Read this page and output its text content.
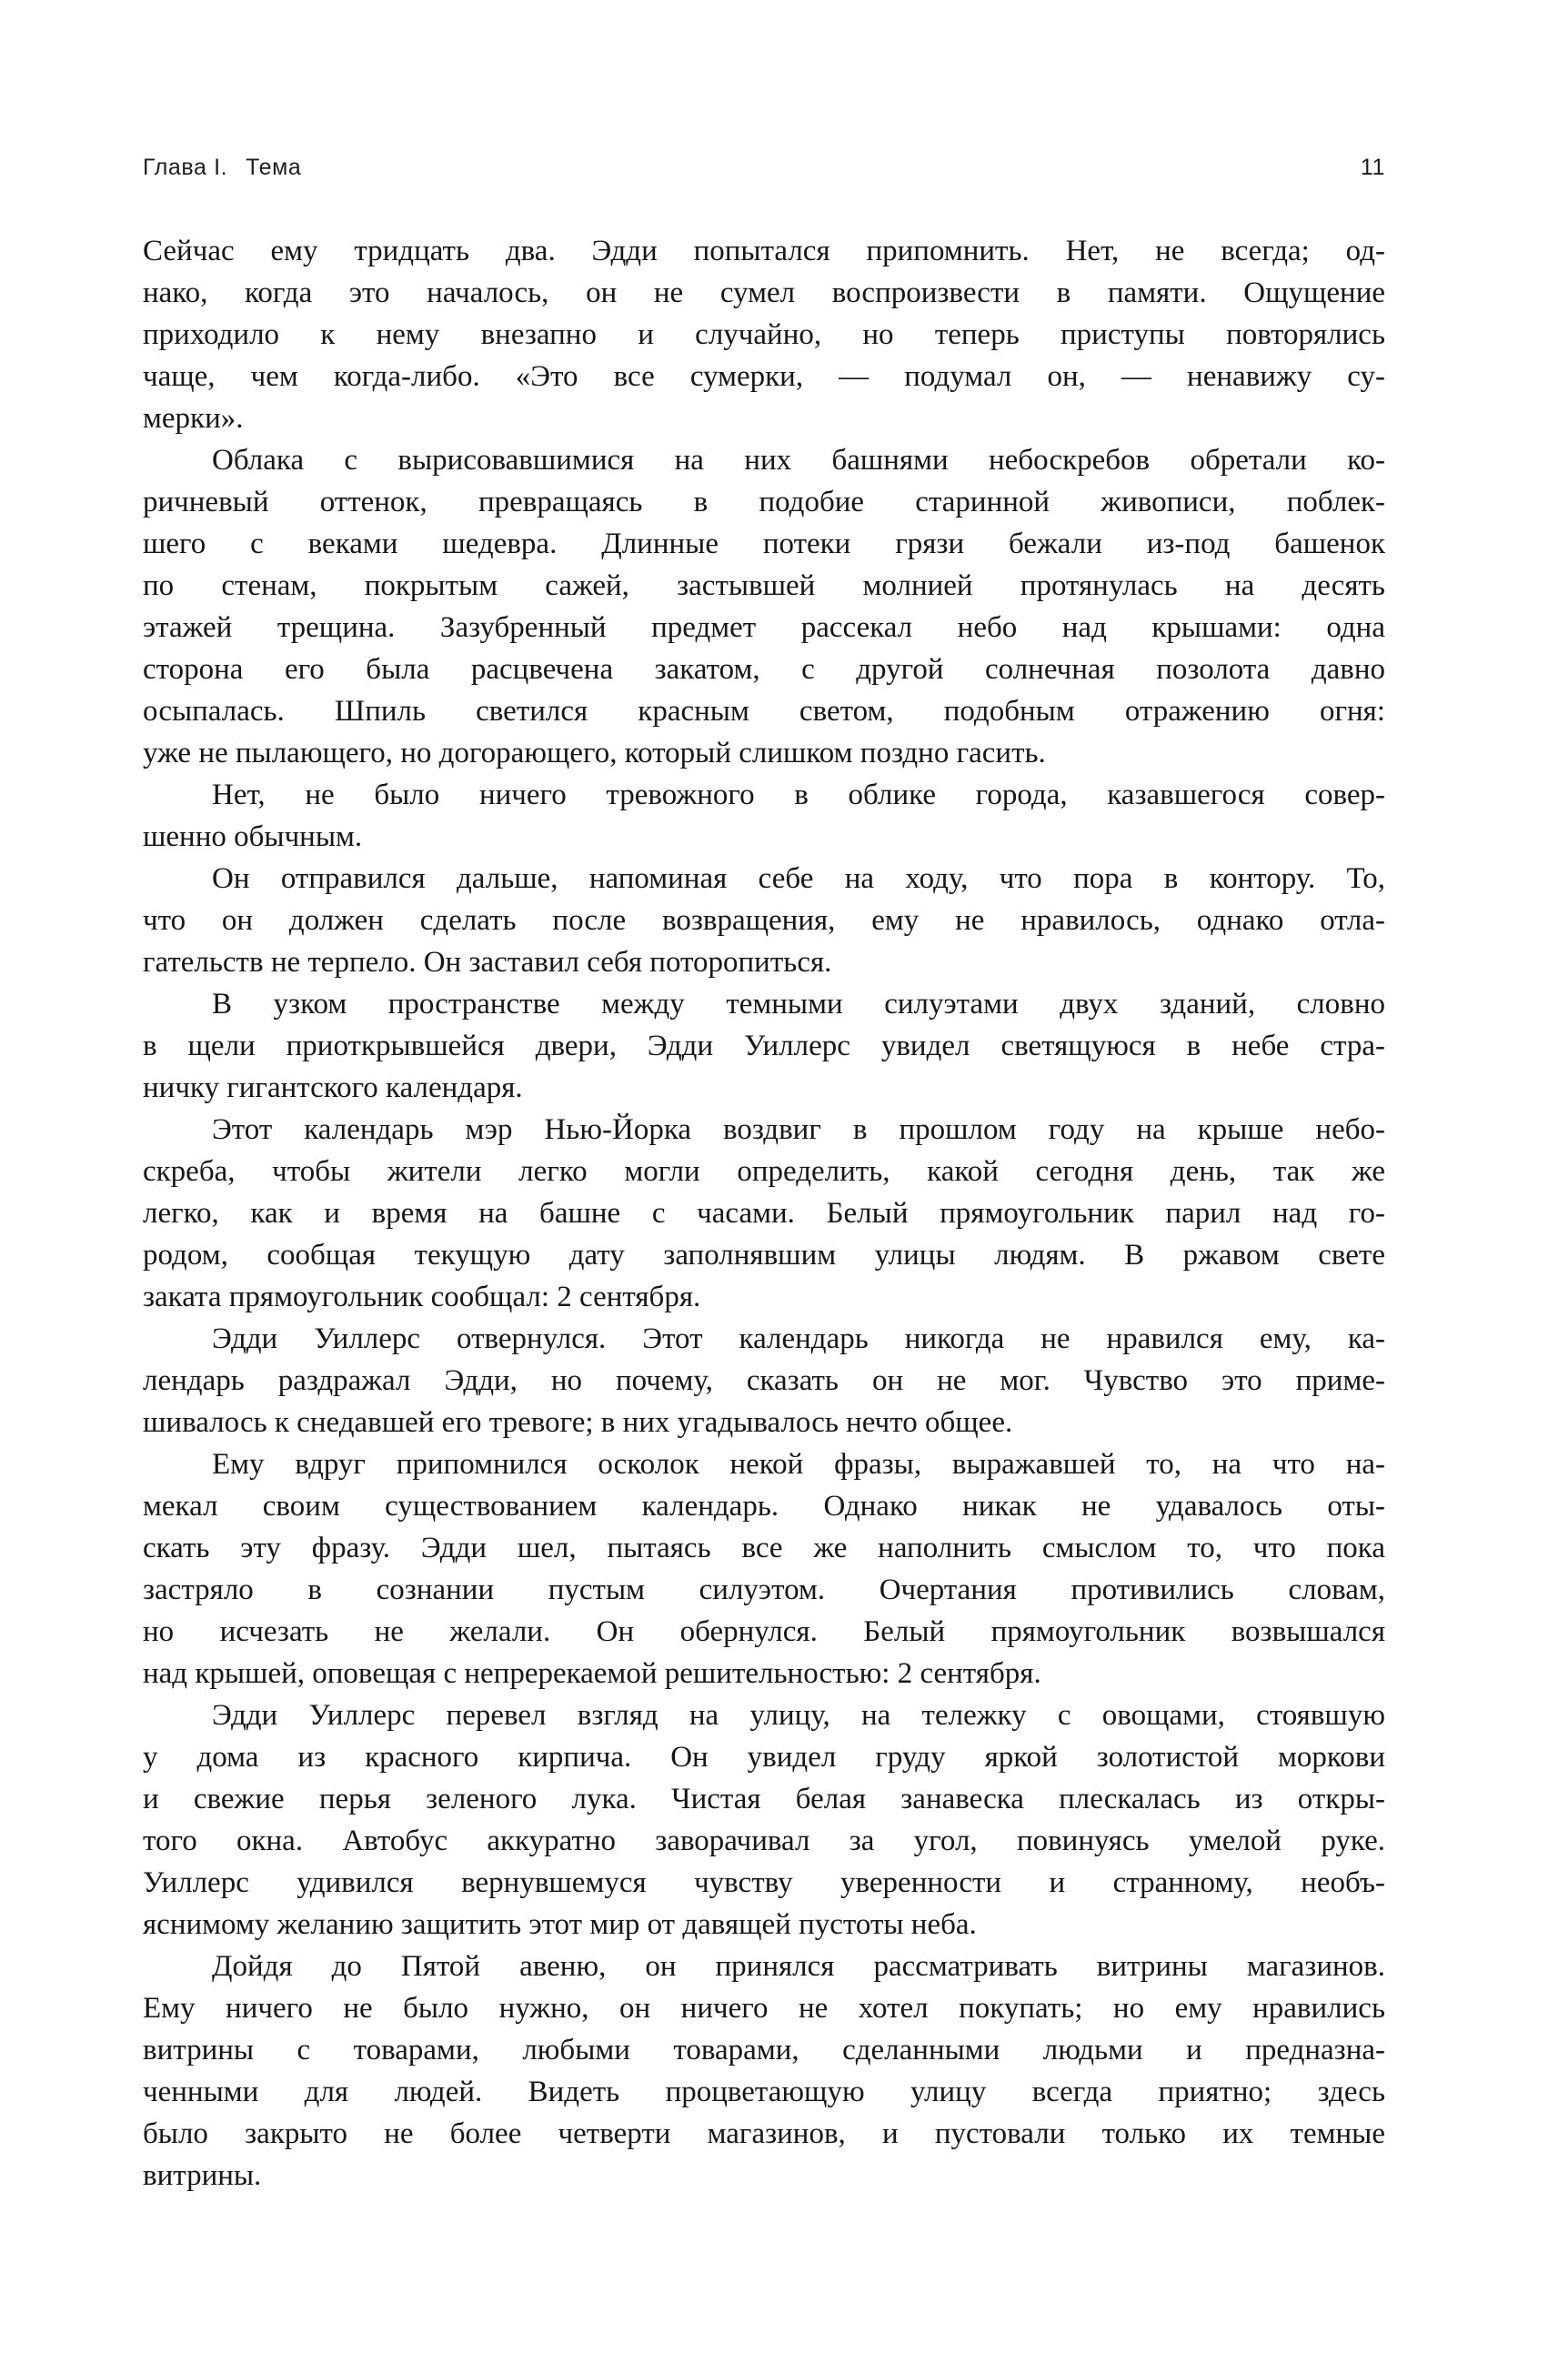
Глава I. Тема	11
Сейчас ему тридцать два. Эдди попытался припомнить. Нет, не всегда; од-
нако, когда это началось, он не сумел воспроизвести в памяти. Ощущение
приходило к нему внезапно и случайно, но теперь приступы повторялись
чаще, чем когда-либо. «Это все сумерки, — подумал он, — ненавижу су-
мерки».
Облака с вырисовавшимися на них башнями небоскребов обретали ко-
ричневый оттенок, превращаясь в подобие старинной живописи, поблек-
шего с веками шедевра. Длинные потеки грязи бежали из-под башенок
по стенам, покрытым сажей, застывшей молнией протянулась на десять
этажей трещина. Зазубренный предмет рассекал небо над крышами: одна
сторона его была расцвечена закатом, с другой солнечная позолота давно
осыпалась. Шпиль светился красным светом, подобным отражению огня:
уже не пылающего, но догорающего, который слишком поздно гасить.
Нет, не было ничего тревожного в облике города, казавшегося совер-
шенно обычным.
Он отправился дальше, напоминая себе на ходу, что пора в контору. То,
что он должен сделать после возвращения, ему не нравилось, однако отла-
гательств не терпело. Он заставил себя поторопиться.
В узком пространстве между темными силуэтами двух зданий, словно
в щели приоткрывшейся двери, Эдди Уиллерс увидел светящуюся в небе стра-
ничку гигантского календаря.
Этот календарь мэр Нью-Йорка воздвиг в прошлом году на крыше небо-
скреба, чтобы жители легко могли определить, какой сегодня день, так же
легко, как и время на башне с часами. Белый прямоугольник парил над го-
родом, сообщая текущую дату заполнявшим улицы людям. В ржавом свете
заката прямоугольник сообщал: 2 сентября.
Эдди Уиллерс отвернулся. Этот календарь никогда не нравился ему, ка-
лендарь раздражал Эдди, но почему, сказать он не мог. Чувство это приме-
шивалось к снедавшей его тревоге; в них угадывалось нечто общее.
Ему вдруг припомнился осколок некой фразы, выражавшей то, на что на-
мекал своим существованием календарь. Однако никак не удавалось оты-
скать эту фразу. Эдди шел, пытаясь все же наполнить смыслом то, что пока
застряло в сознании пустым силуэтом. Очертания противились словам,
но исчезать не желали. Он обернулся. Белый прямоугольник возвышался
над крышей, оповещая с непререкаемой решительностью: 2 сентября.
Эдди Уиллерс перевел взгляд на улицу, на тележку с овощами, стоявшую
у дома из красного кирпича. Он увидел груду яркой золотистой моркови
и свежие перья зеленого лука. Чистая белая занавеска плескалась из откры-
того окна. Автобус аккуратно заворачивал за угол, повинуясь умелой руке.
Уиллерс удивился вернувшемуся чувству уверенности и странному, необъ-
яснимому желанию защитить этот мир от давящей пустоты неба.
Дойдя до Пятой авеню, он принялся рассматривать витрины магазинов.
Ему ничего не было нужно, он ничего не хотел покупать; но ему нравились
витрины с товарами, любыми товарами, сделанными людьми и предназна-
ченными для людей. Видеть процветающую улицу всегда приятно; здесь
было закрыто не более четверти магазинов, и пустовали только их темные
витрины.
